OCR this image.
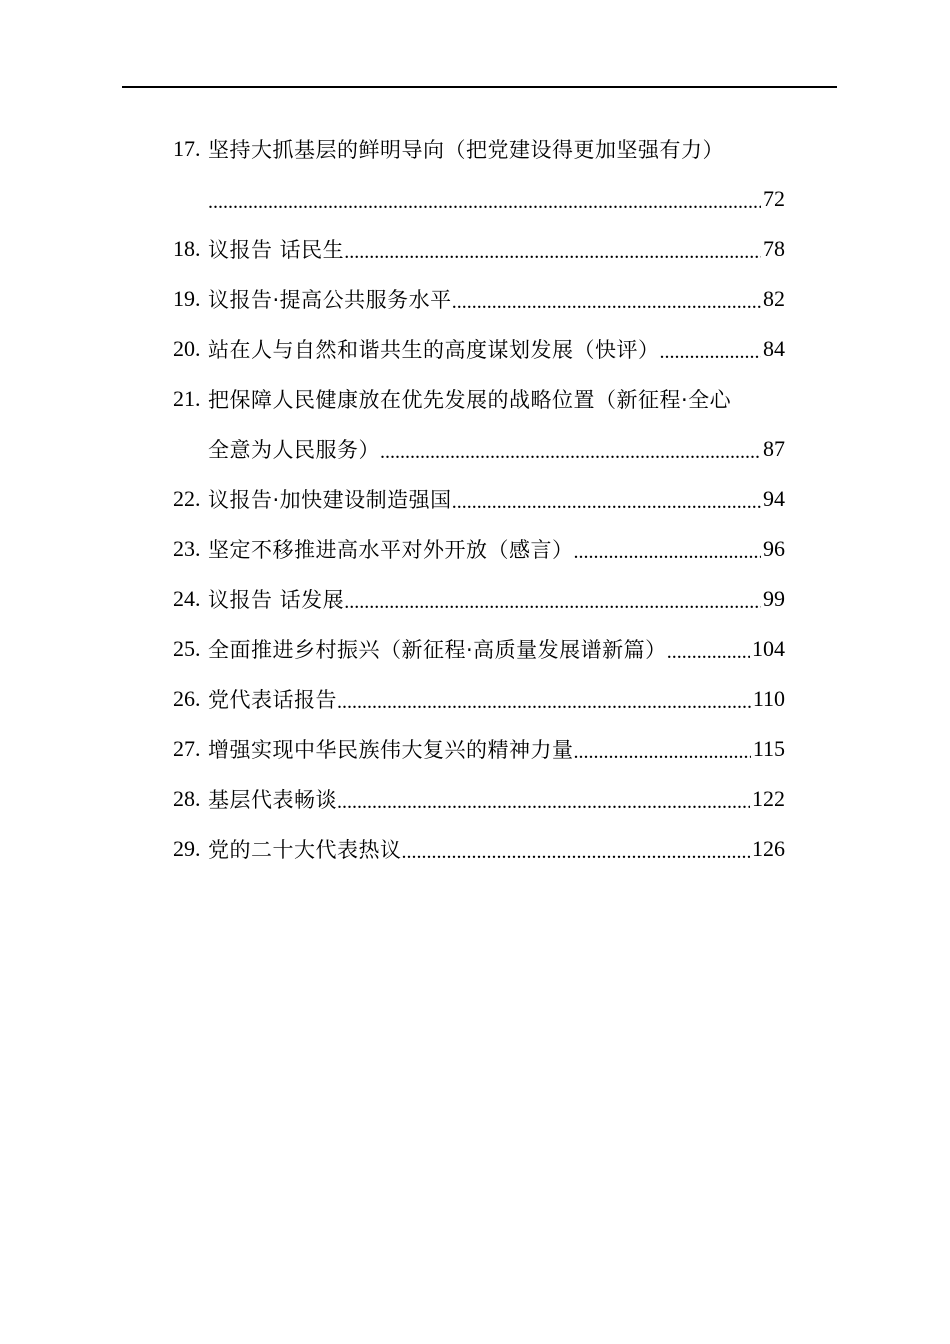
17. 坚持大抓基层的鲜明导向（把党建设得更加坚强有力）
.....
72
18. 议报告 话民生 .....	78
19. 议报告·提高公共服务水平 .....	82
20. 站在人与自然和谐共生的高度谋划发展（快评） .....	84
21. 把保障人民健康放在优先发展的战略位置（新征程·全心
全意为人民服务） .....	87
22. 议报告·加快建设制造强国 .....	94
23. 坚定不移推进高水平对外开放（感言） .....	96
24. 议报告 话发展 .....	99
25. 全面推进乡村振兴（新征程·高质量发展谱新篇） .....	104
26. 党代表话报告 .....	110
27. 增强实现中华民族伟大复兴的精神力量 .....	115
28. 基层代表畅谈 .....	122
29. 党的二十大代表热议 .....	126
